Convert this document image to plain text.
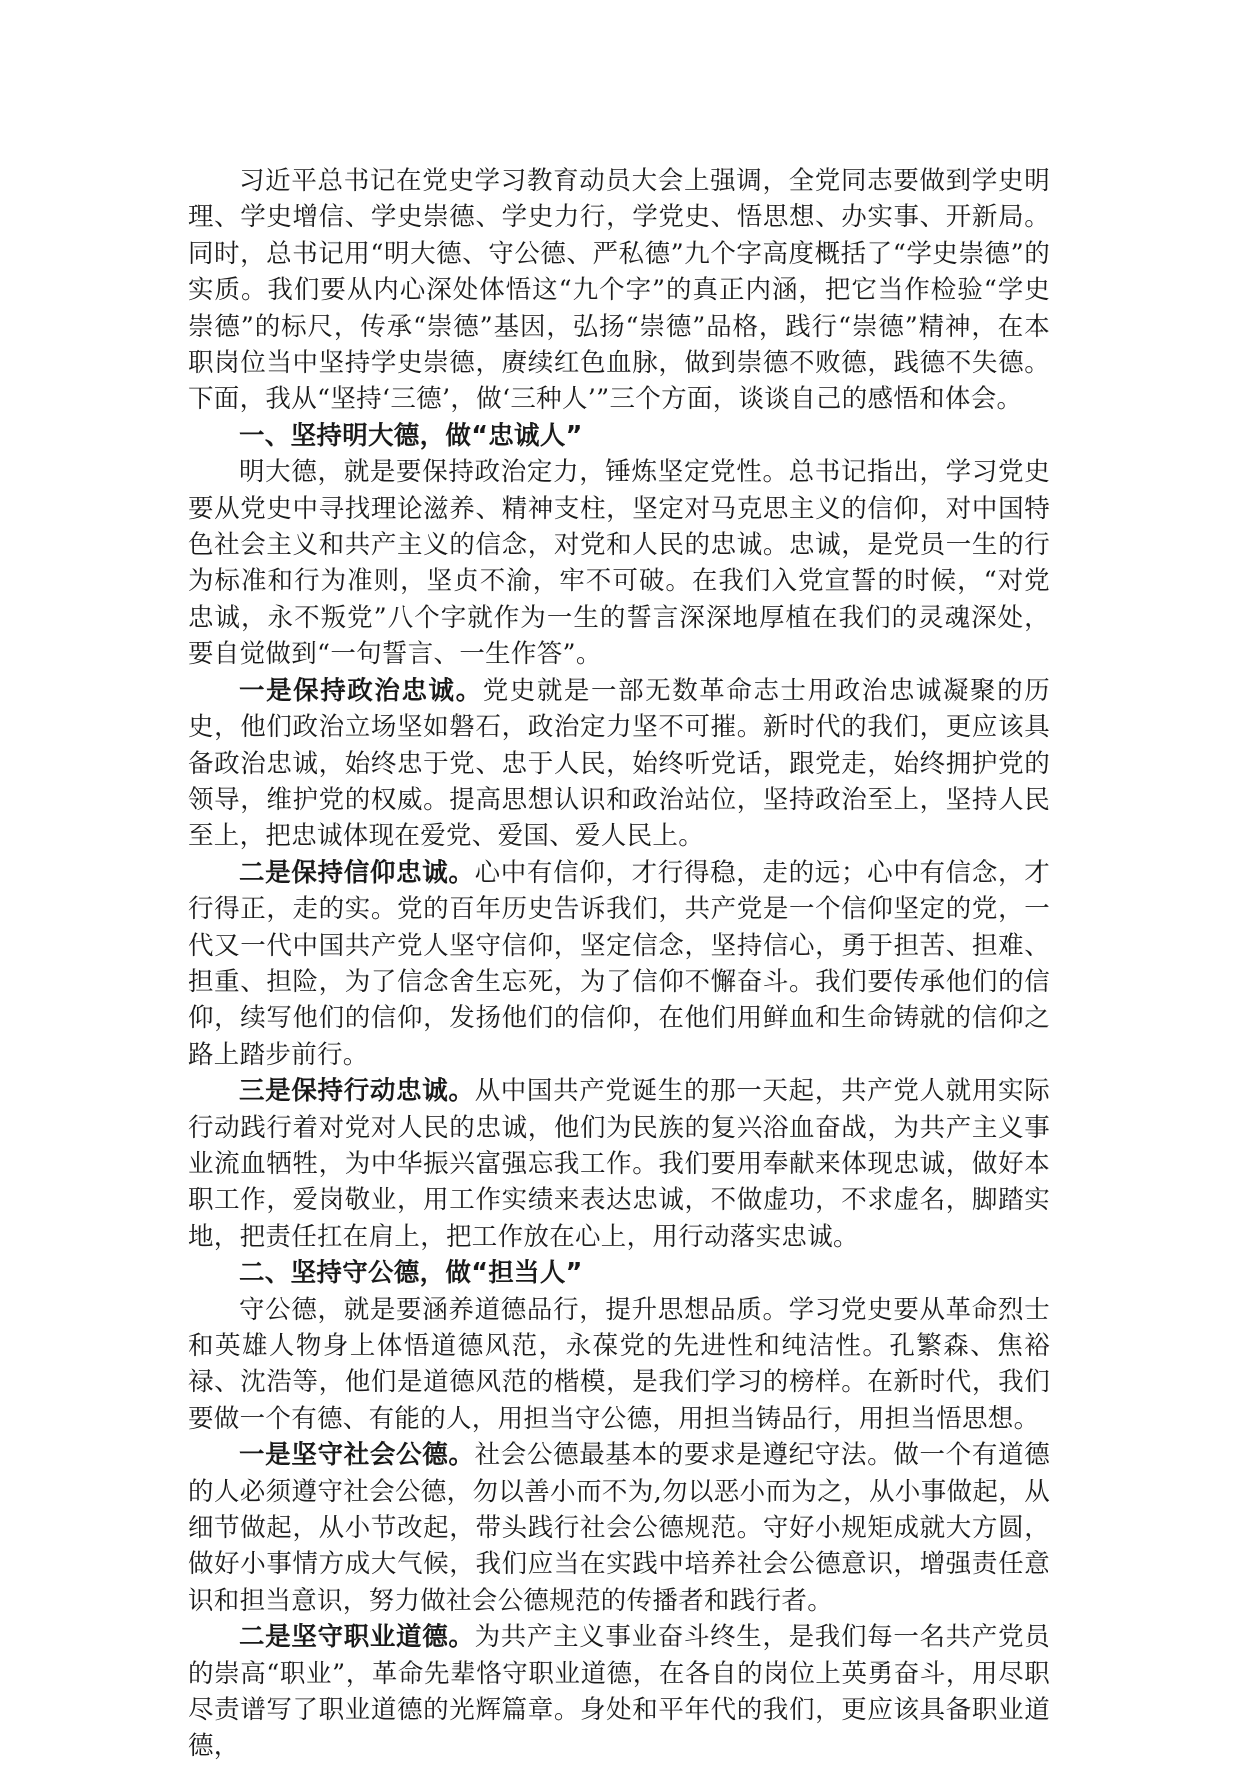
习近平总书记在党史学习教育动员大会上强调，全党同志要做到学史明理、学史增信、学史崇德、学史力行，学党史、悟思想、办实事、开新局。同时，总书记用“明大德、守公德、严私德”九个字高度概括了“学史崇德”的实质。我们要从内心深处体悟这“九个字”的真正内涵，把它当作检验“学史崇德”的标尺，传承“崇德”基因，弘扬“崇德”品格，践行“崇德”精神，在本职岗位当中坚持学史崇德，赓续红色血脉，做到崇德不败德，践德不失德。下面，我从“坚持‘三德’，做‘三种人’”三个方面，谈谈自己的感悟和体会。

一、坚持明大德，做“忠诚人”

明大德，就是要保持政治定力，锤炼坚定党性。总书记指出，学习党史要从党史中寻找理论滋养、精神支柱，坚定对马克思主义的信仰，对中国特色社会主义和共产主义的信念，对党和人民的忠诚。忠诚，是党员一生的行为标准和行为准则，坚贞不渝，牢不可破。在我们入党宣誓的时候，“对党忠诚，永不叛党”八个字就作为一生的誓言深深地厚植在我们的灵魂深处，要自觉做到“一句誓言、一生作答”。

一是保持政治忠诚。党史就是一部无数革命志士用政治忠诚凝聚的历史，他们政治立场坚如磐石，政治定力坚不可摧。新时代的我们，更应该具备政治忠诚，始终忠于党、忠于人民，始终听党话，跟党走，始终拥护党的领导，维护党的权威。提高思想认识和政治站位，坚持政治至上，坚持人民至上，把忠诚体现在爱党、爱国、爱人民上。

二是保持信仰忠诚。心中有信仰，才行得稳，走的远；心中有信念，才行得正，走的实。党的百年历史告诉我们，共产党是一个信仰坚定的党，一代又一代中国共产党人坚守信仰，坚定信念，坚持信心，勇于担苦、担难、担重、担险，为了信念舍生忘死，为了信仰不懈奋斗。我们要传承他们的信仰，续写他们的信仰，发扬他们的信仰，在他们用鲜血和生命铸就的信仰之路上踏步前行。

三是保持行动忠诚。从中国共产党诞生的那一天起，共产党人就用实际行动践行着对党对人民的忠诚，他们为民族的复兴浴血奋战，为共产主义事业流血牺牲，为中华振兴富强忘我工作。我们要用奉献来体现忠诚，做好本职工作，爱岗敬业，用工作实绩来表达忠诚，不做虚功，不求虚名，脚踏实地，把责任扛在肩上，把工作放在心上，用行动落实忠诚。

二、坚持守公德，做“担当人”

守公德，就是要涵养道德品行，提升思想品质。学习党史要从革命烈士和英雄人物身上体悟道德风范，永葆党的先进性和纯洁性。孔繁森、焦裕禄、沈浩等，他们是道德风范的楷模，是我们学习的榜样。在新时代，我们要做一个有德、有能的人，用担当守公德，用担当铸品行，用担当悟思想。

一是坚守社会公德。社会公德最基本的要求是遵纪守法。做一个有道德的人必须遵守社会公德，勿以善小而不为,勿以恶小而为之，从小事做起，从细节做起，从小节改起，带头践行社会公德规范。守好小规矩成就大方圆，做好小事情方成大气候，我们应当在实践中培养社会公德意识，增强责任意识和担当意识，努力做社会公德规范的传播者和践行者。

二是坚守职业道德。为共产主义事业奋斗终生，是我们每一名共产党员的崇高“职业”，革命先辈恪守职业道德，在各自的岗位上英勇奋斗，用尽职尽责谱写了职业道德的光辉篇章。身处和平年代的我们，更应该具备职业道德，
